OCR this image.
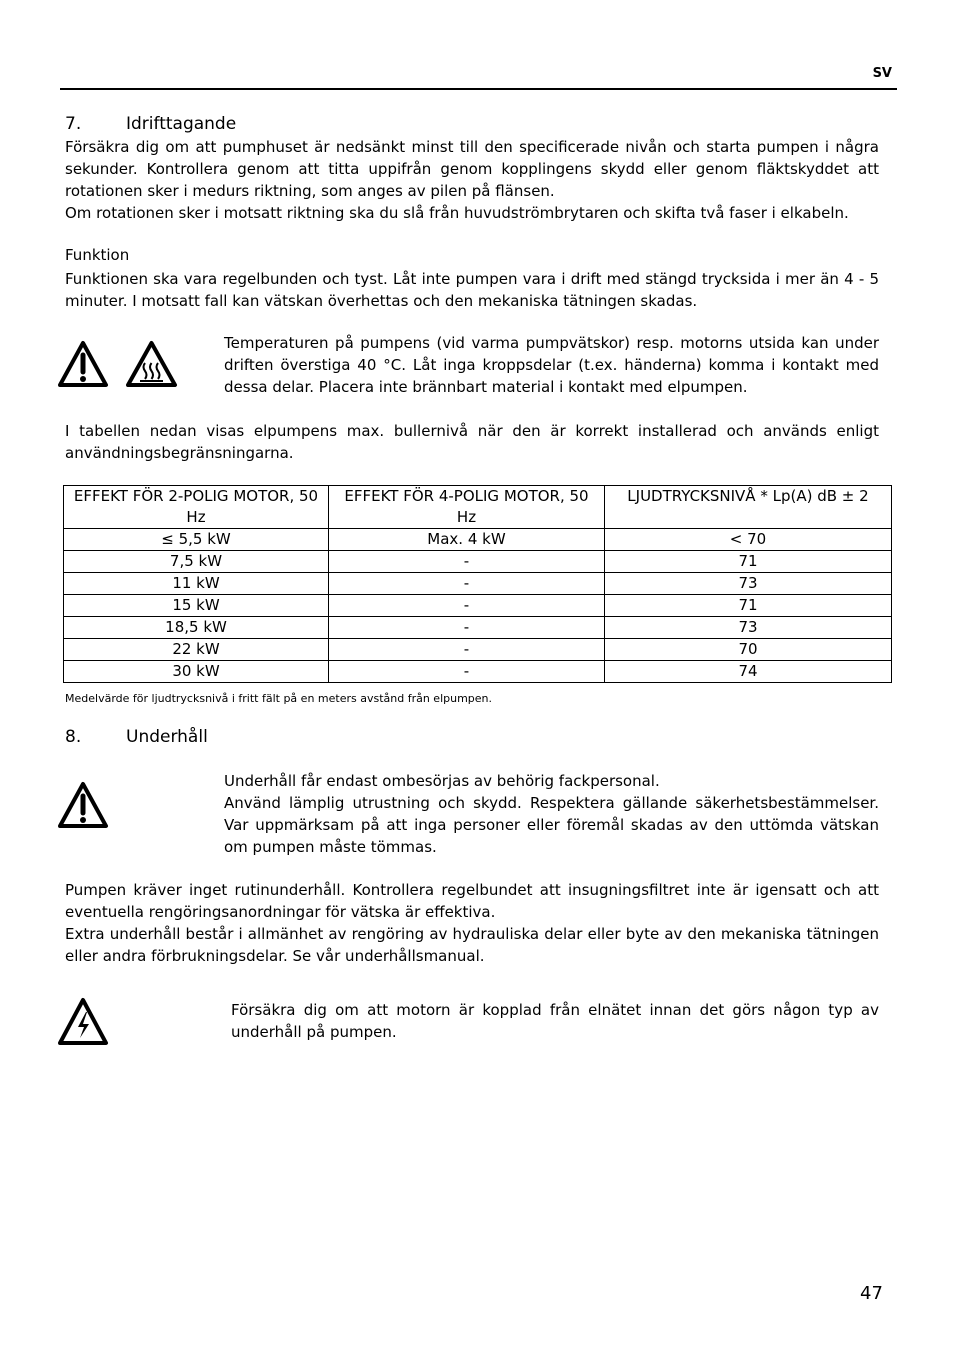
SV
7.	Idrifttagande
Försäkra dig om att pumphuset är nedsänkt minst till den specificerade nivån och starta pumpen i några sekunder. Kontrollera genom att titta uppifrån genom kopplingens skydd eller genom fläktskyddet att rotationen sker i medurs riktning, som anges av pilen på flänsen.
Om rotationen sker i motsatt riktning ska du slå från huvudströmbrytaren och skifta två faser i elkabeln.
Funktion
Funktionen ska vara regelbunden och tyst. Låt inte pumpen vara i drift med stängd trycksida i mer än 4 - 5 minuter. I motsatt fall kan vätskan överhettas och den mekaniska tätningen skadas.
Temperaturen på pumpens (vid varma pumpvätskor) resp. motorns utsida kan under driften överstiga 40 °C. Låt inga kroppsdelar (t.ex. händerna) komma i kontakt med dessa delar. Placera inte brännbart material i kontakt med elpumpen.
I tabellen nedan visas elpumpens max. bullernivå när den är korrekt installerad och används enligt användningsbegränsningarna.
EFFEKT FÖR 2-POLIG MOTOR, 50 Hz	EFFEKT FÖR 4-POLIG MOTOR, 50 Hz	LJUDTRYCKSNIVÅ * Lp(A) dB ± 2
≤ 5,5 kW	Max. 4 kW	< 70
7,5 kW	-	71
11 kW	-	73
15 kW	-	71
18,5 kW	-	73
22 kW	-	70
30 kW	-	74
Medelvärde för ljudtrycksnivå i fritt fält på en meters avstånd från elpumpen.
8.	Underhåll
Underhåll får endast ombesörjas av behörig fackpersonal.
Använd lämplig utrustning och skydd. Respektera gällande säkerhetsbestämmelser. Var uppmärksam på att inga personer eller föremål skadas av den uttömda vätskan om pumpen måste tömmas.
Pumpen kräver inget rutinunderhåll. Kontrollera regelbundet att insugningsfiltret inte är igensatt och att eventuella rengöringsanordningar för vätska är effektiva.
Extra underhåll består i allmänhet av rengöring av hydrauliska delar eller byte av den mekaniska tätningen eller andra förbrukningsdelar. Se vår underhållsmanual.
Försäkra dig om att motorn är kopplad från elnätet innan det görs någon typ av underhåll på pumpen.
47
